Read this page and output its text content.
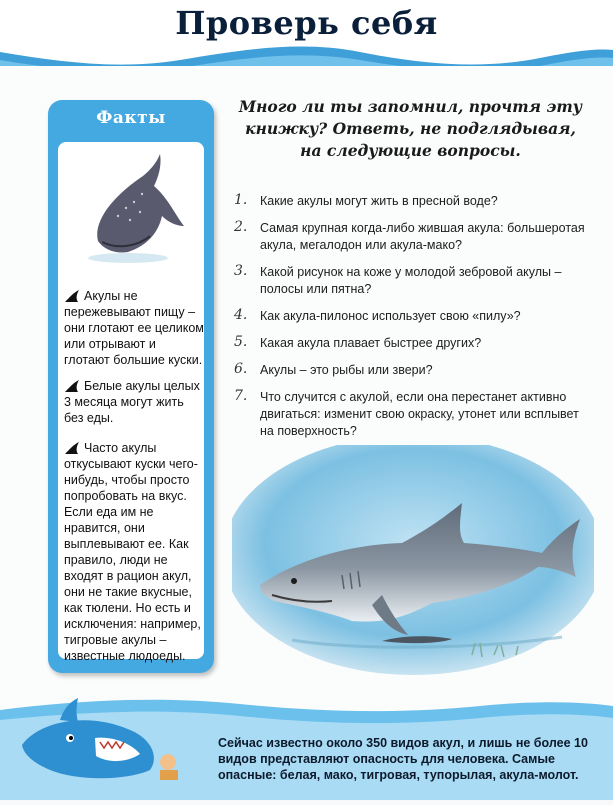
Проверь себя
Факты
Акулы не пережевывают пищу – они глотают ее целиком или отрывают и глотают большие куски.
Белые акулы целых 3 месяца могут жить без еды.
Часто акулы откусывают куски чего-нибудь, чтобы просто попробовать на вкус. Если еда им не нравится, они выплевывают ее. Как правило, люди не входят в рацион акул, они не такие вкусные, как тюлени. Но есть и исключения: например, тигровые акулы – известные людоеды.
Много ли ты запомнил, прочтя эту книжку? Ответь, не подглядывая, на следующие вопросы.
1. Какие акулы могут жить в пресной воде?
2. Самая крупная когда-либо жившая акула: большеротая акула, мегалодон или акула-мако?
3. Какой рисунок на коже у молодой зебровой акулы – полосы или пятна?
4. Как акула-пилонос использует свою «пилу»?
5. Какая акула плавает быстрее других?
6. Акулы – это рыбы или звери?
7. Что случится с акулой, если она перестанет активно двигаться: изменит свою окраску, утонет или всплывет на поверхность?
Сейчас известно около 350 видов акул, и лишь не более 10 видов представляют опасность для человека. Самые опасные: белая, мако, тигровая, тупорылая, акула-молот.
